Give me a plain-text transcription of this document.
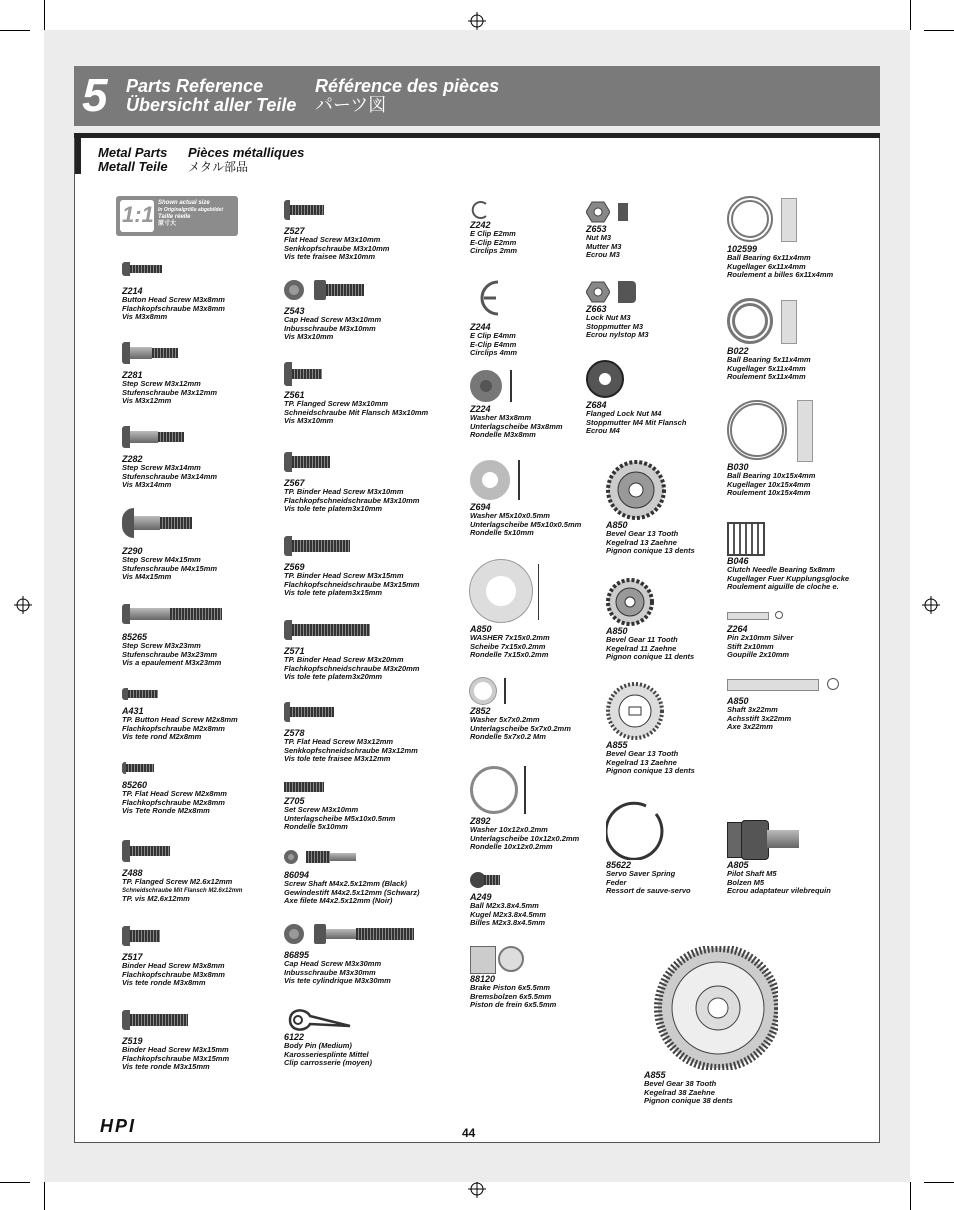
5 Parts Reference
Übersicht aller Teile
Référence des pièces
パーツ図
Metal Parts
Metall Teile
Pièces métalliques
メタル部品
1:1 Shown actual size
In Originalgröße abgebildet
Taille réelle
原寸大
Z214
Button Head Screw M3x8mm
Flachkopfschraube M3x8mm
Vis M3x8mm
Z281
Step Screw M3x12mm
Stufenschraube M3x12mm
Vis M3x12mm
Z282
Step Screw M3x14mm
Stufenschraube M3x14mm
Vis M3x14mm
Z290
Step Screw M4x15mm
Stufenschraube M4x15mm
Vis M4x15mm
85265
Step Screw M3x23mm
Stufenschraube M3x23mm
Vis a epaulement M3x23mm
A431
TP. Button Head Screw M2x8mm
Flachkopfschraube M2x8mm
Vis tete rond M2x8mm
85260
TP. Flat Head Screw M2x8mm
Flachkopfschraube M2x8mm
Vis Tete Ronde M2x8mm
Z488
TP. Flanged Screw M2.6x12mm
Schneidschraube Mit Flansch M2.6x12mm
TP. vis M2.6x12mm
Z517
Binder Head Screw M3x8mm
Flachkopfschraube M3x8mm
Vis tete ronde M3x8mm
Z519
Binder Head Screw M3x15mm
Flachkopfschraube M3x15mm
Vis tete ronde M3x15mm
Z527
Flat Head Screw M3x10mm
Senkkopfschraube M3x10mm
Vis tete fraisee M3x10mm
Z543
Cap Head Screw M3x10mm
Inbusschraube M3x10mm
Vis M3x10mm
Z561
TP. Flanged Screw M3x10mm
Schneidschraube Mit Flansch M3x10mm
Vis M3x10mm
Z567
TP. Binder Head Screw M3x10mm
Flachkopfschneidschraube M3x10mm
Vis tole tete platem3x10mm
Z569
TP. Binder Head Screw M3x15mm
Flachkopfschneidschraube M3x15mm
Vis tole tete platem3x15mm
Z571
TP. Binder Head Screw M3x20mm
Flachkopfschneidschraube M3x20mm
Vis tole tete platem3x20mm
Z578
TP. Flat Head Screw M3x12mm
Senkkopfschneidschraube M3x12mm
Vis tole tete fraisee M3x12mm
Z705
Set Screw M3x10mm
Unterlagscheibe M5x10x0.5mm
Rondelle 5x10mm
86094
Screw Shaft M4x2.5x12mm (Black)
Gewindestift M4x2.5x12mm (Schwarz)
Axe filete M4x2.5x12mm (Noir)
86895
Cap Head Screw M3x30mm
Inbusschraube M3x30mm
Vis tete cylindrique M3x30mm
6122
Body Pin (Medium)
Karosseriesplinte Mittel
Clip carrosserie (moyen)
Z242
E Clip E2mm
E-Clip E2mm
Circlips 2mm
Z244
E Clip E4mm
E-Clip E4mm
Circlips 4mm
Z224
Washer M3x8mm
Unterlagscheibe M3x8mm
Rondelle M3x8mm
Z694
Washer M5x10x0.5mm
Unterlagscheibe M5x10x0.5mm
Rondelle 5x10mm
A850
WASHER 7x15x0.2mm
Scheibe 7x15x0.2mm
Rondelle 7x15x0.2mm
Z852
Washer 5x7x0.2mm
Unterlagscheibe 5x7x0.2mm
Rondelle 5x7x0.2 Mm
Z892
Washer 10x12x0.2mm
Unterlagscheibe 10x12x0.2mm
Rondelle 10x12x0.2mm
A249
Ball M2x3.8x4.5mm
Kugel M2x3.8x4.5mm
Billes M2x3.8x4.5mm
88120
Brake Piston 6x5.5mm
Bremsbolzen 6x5.5mm
Piston de frein 6x5.5mm
Z653
Nut M3
Mutter M3
Ecrou M3
Z663
Lock Nut M3
Stoppmutter M3
Ecrou nylstop M3
Z684
Flanged Lock Nut M4
Stoppmutter M4 Mit Flansch
Ecrou M4
A850
Bevel Gear 13 Tooth
Kegelrad 13 Zaehne
Pignon conique 13 dents
A850
Bevel Gear 11 Tooth
Kegelrad 11 Zaehne
Pignon conique 11 dents
A855
Bevel Gear 13 Tooth
Kegelrad 13 Zaehne
Pignon conique 13 dents
85622
Servo Saver Spring
Feder
Ressort de sauve-servo
A855
Bevel Gear 38 Tooth
Kegelrad 38 Zaehne
Pignon conique 38 dents
102599
Ball Bearing 6x11x4mm
Kugellager 6x11x4mm
Roulement a billes 6x11x4mm
B022
Ball Bearing 5x11x4mm
Kugellager 5x11x4mm
Roulement 5x11x4mm
B030
Ball Bearing 10x15x4mm
Kugellager 10x15x4mm
Roulement 10x15x4mm
B046
Clutch Needle Bearing 5x8mm
Kugellager Fuer Kupplungsglocke
Roulement aiguille de cloche e.
Z264
Pin 2x10mm Silver
Stift 2x10mm
Goupille 2x10mm
A850
Shaft 3x22mm
Achsstift 3x22mm
Axe 3x22mm
A805
Pilot Shaft M5
Bolzen M5
Ecrou adaptateur vilebrequin
HPI	44
